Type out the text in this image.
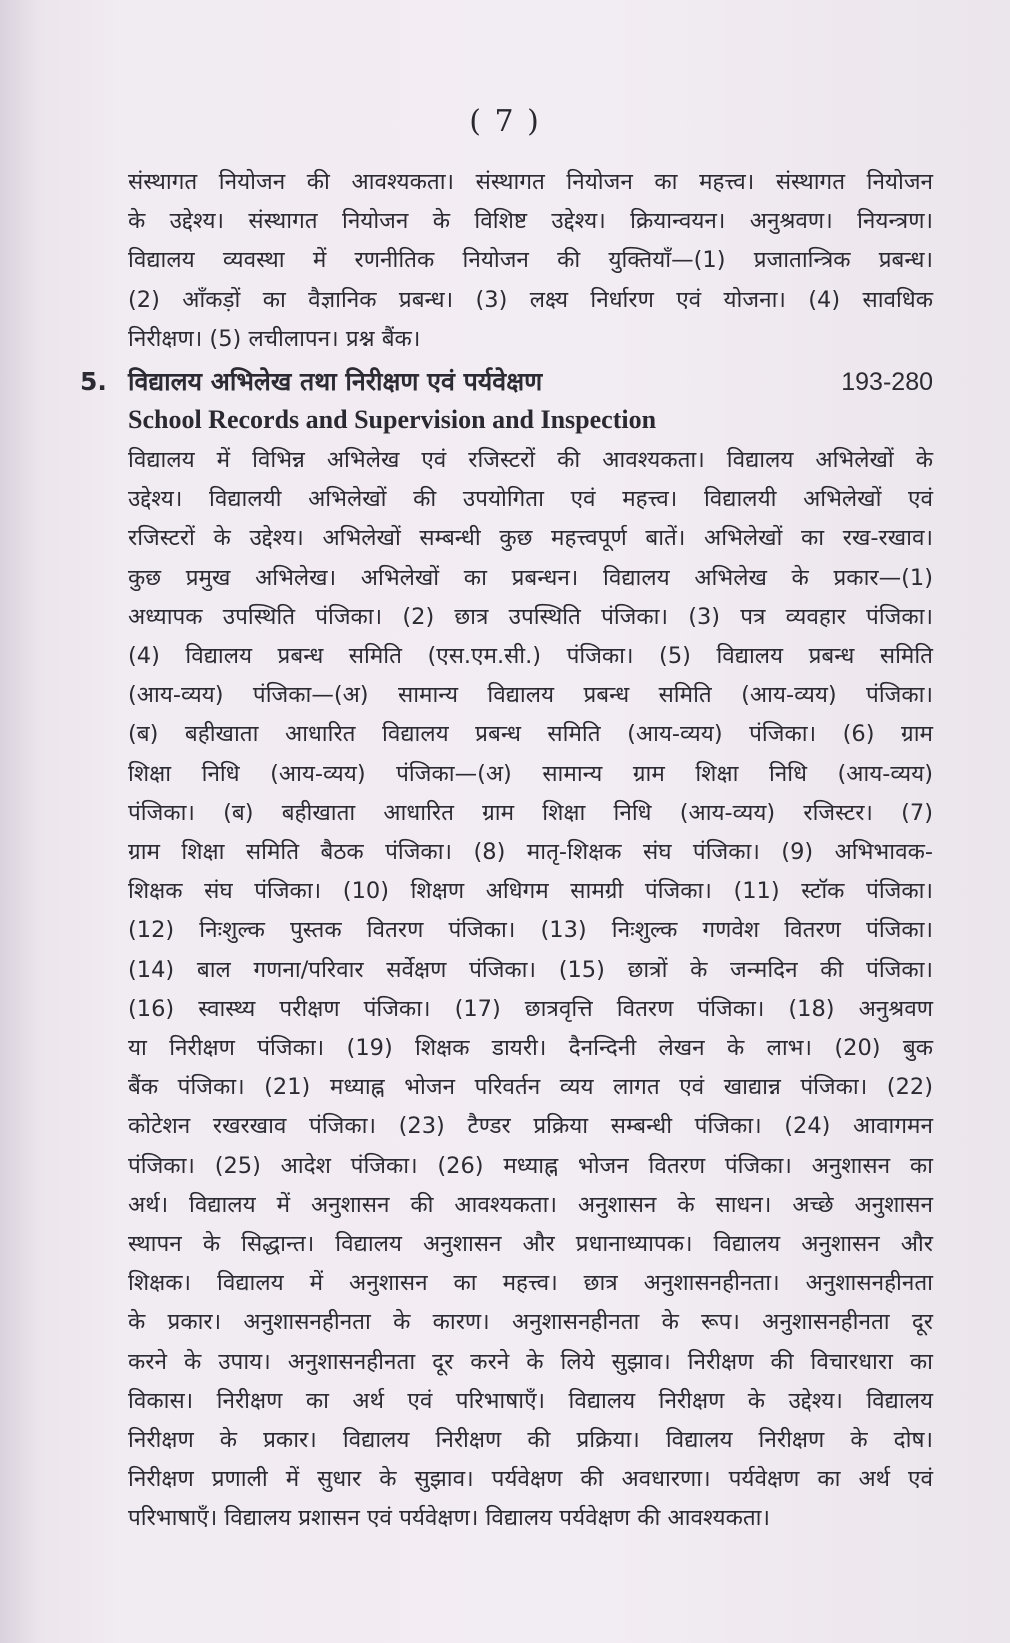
( 7 )
संस्थागत नियोजन की आवश्यकता। संस्थागत नियोजन का महत्त्व। संस्थागत नियोजन
के उद्देश्य। संस्थागत नियोजन के विशिष्ट उद्देश्य। क्रियान्वयन। अनुश्रवण। नियन्त्रण।
विद्यालय व्यवस्था में रणनीतिक नियोजन की युक्तियाँ—(1) प्रजातान्त्रिक प्रबन्ध।
(2) आँकड़ों का वैज्ञानिक प्रबन्ध। (3) लक्ष्य निर्धारण एवं योजना। (4) सावधिक
निरीक्षण। (5) लचीलापन। प्रश्न बैंक।
5. विद्यालय अभिलेख तथा निरीक्षण एवं पर्यवेक्षण	193-280
School Records and Supervision and Inspection
विद्यालय में विभिन्न अभिलेख एवं रजिस्टरों की आवश्यकता। विद्यालय अभिलेखों के
उद्देश्य। विद्यालयी अभिलेखों की उपयोगिता एवं महत्त्व। विद्यालयी अभिलेखों एवं
रजिस्टरों के उद्देश्य। अभिलेखों सम्बन्धी कुछ महत्त्वपूर्ण बातें। अभिलेखों का रख-रखाव।
कुछ प्रमुख अभिलेख। अभिलेखों का प्रबन्धन। विद्यालय अभिलेख के प्रकार—(1)
अध्यापक उपस्थिति पंजिका। (2) छात्र उपस्थिति पंजिका। (3) पत्र व्यवहार पंजिका।
(4) विद्यालय प्रबन्ध समिति (एस.एम.सी.) पंजिका। (5) विद्यालय प्रबन्ध समिति
(आय-व्यय) पंजिका—(अ) सामान्य विद्यालय प्रबन्ध समिति (आय-व्यय) पंजिका।
(ब) बहीखाता आधारित विद्यालय प्रबन्ध समिति (आय-व्यय) पंजिका। (6) ग्राम
शिक्षा निधि (आय-व्यय) पंजिका—(अ) सामान्य ग्राम शिक्षा निधि (आय-व्यय)
पंजिका। (ब) बहीखाता आधारित ग्राम शिक्षा निधि (आय-व्यय) रजिस्टर। (7)
ग्राम शिक्षा समिति बैठक पंजिका। (8) मातृ-शिक्षक संघ पंजिका। (9) अभिभावक-
शिक्षक संघ पंजिका। (10) शिक्षण अधिगम सामग्री पंजिका। (11) स्टॉक पंजिका।
(12) निःशुल्क पुस्तक वितरण पंजिका। (13) निःशुल्क गणवेश वितरण पंजिका।
(14) बाल गणना/परिवार सर्वेक्षण पंजिका। (15) छात्रों के जन्मदिन की पंजिका।
(16) स्वास्थ्य परीक्षण पंजिका। (17) छात्रवृत्ति वितरण पंजिका। (18) अनुश्रवण
या निरीक्षण पंजिका। (19) शिक्षक डायरी। दैनन्दिनी लेखन के लाभ। (20) बुक
बैंक पंजिका। (21) मध्याह्न भोजन परिवर्तन व्यय लागत एवं खाद्यान्न पंजिका। (22)
कोटेशन रखरखाव पंजिका। (23) टैण्डर प्रक्रिया सम्बन्धी पंजिका। (24) आवागमन
पंजिका। (25) आदेश पंजिका। (26) मध्याह्न भोजन वितरण पंजिका। अनुशासन का
अर्थ। विद्यालय में अनुशासन की आवश्यकता। अनुशासन के साधन। अच्छे अनुशासन
स्थापन के सिद्धान्त। विद्यालय अनुशासन और प्रधानाध्यापक। विद्यालय अनुशासन और
शिक्षक। विद्यालय में अनुशासन का महत्त्व। छात्र अनुशासनहीनता। अनुशासनहीनता
के प्रकार। अनुशासनहीनता के कारण। अनुशासनहीनता के रूप। अनुशासनहीनता दूर
करने के उपाय। अनुशासनहीनता दूर करने के लिये सुझाव। निरीक्षण की विचारधारा का
विकास। निरीक्षण का अर्थ एवं परिभाषाएँ। विद्यालय निरीक्षण के उद्देश्य। विद्यालय
निरीक्षण के प्रकार। विद्यालय निरीक्षण की प्रक्रिया। विद्यालय निरीक्षण के दोष।
निरीक्षण प्रणाली में सुधार के सुझाव। पर्यवेक्षण की अवधारणा। पर्यवेक्षण का अर्थ एवं
परिभाषाएँ। विद्यालय प्रशासन एवं पर्यवेक्षण। विद्यालय पर्यवेक्षण की आवश्यकता।
